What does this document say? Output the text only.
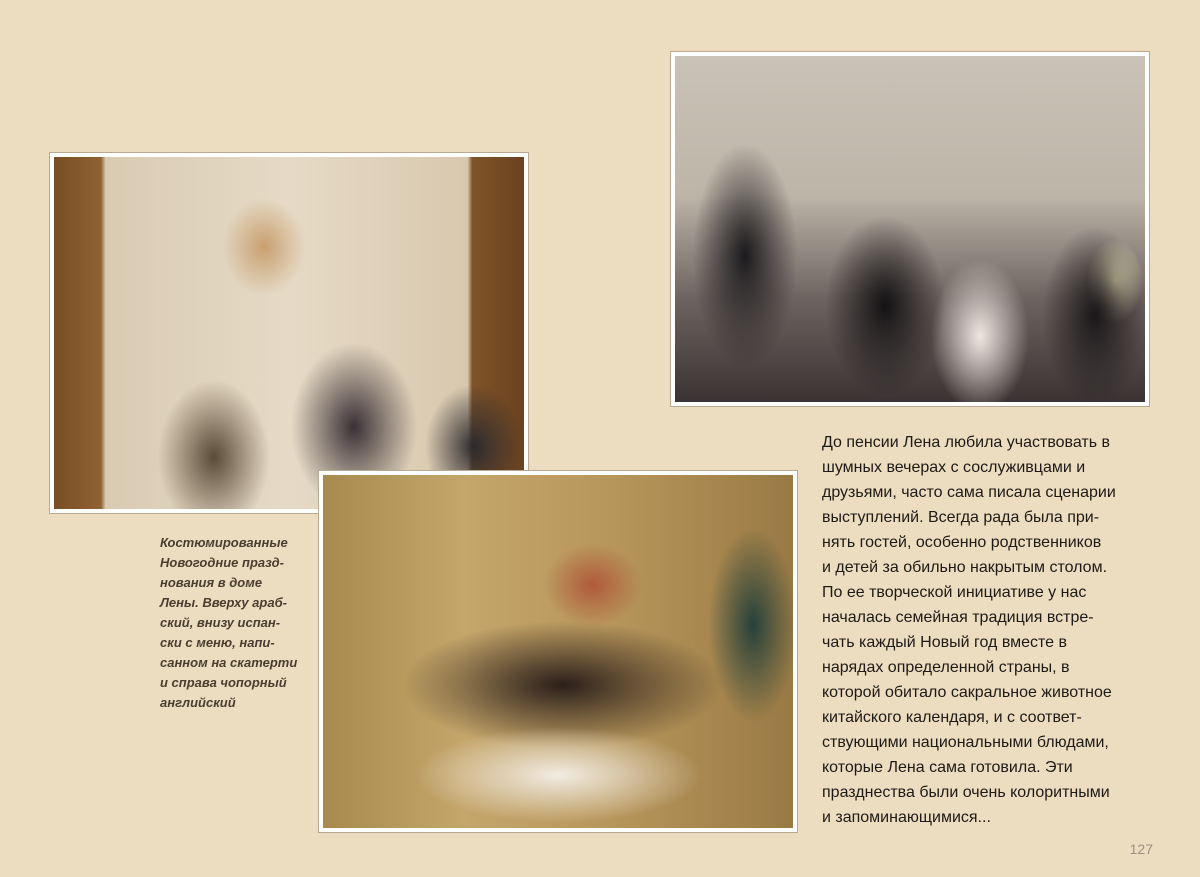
Костюмированные
Новогодние празд-
нования в доме
Лены. Вверху араб-
ский, внизу испан-
ски с меню, напи-
санном на скатерти
и справа чопорный
английский

До пенсии Лена любила участвовать в
шумных вечерах с сослуживцами и
друзьями, часто сама писала сценарии
выступлений. Всегда рада была при-
нять гостей, особенно родственников
и детей за обильно накрытым столом.
По ее творческой инициативе у нас
началась семейная традиция встре-
чать каждый Новый год вместе в
нарядах определенной страны, в
которой обитало сакральное животное
китайского календаря, и с соответ-
ствующими национальными блюдами,
которые Лена сама готовила. Эти
празднества были очень колоритными
и запоминающимися...

127
